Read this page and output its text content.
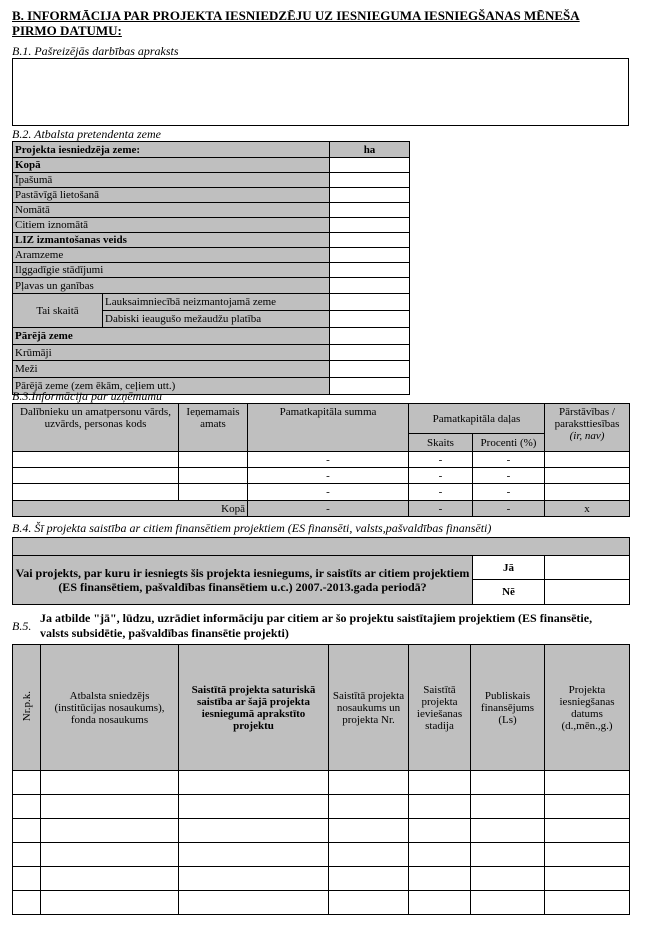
B. INFORMĀCIJA PAR PROJEKTA IESNIEDZĒJU UZ IESNIEGUMA IESNIEGŠANAS MĒNEŠA PIRMO DATUMU:
B.1. Pašreizējās darbības apraksts
B.2. Atbalsta pretendenta zeme
Projekta iesniedzēja zeme:		ha
Kopā		
Īpašumā		
Pastāvīgā lietošanā		
Nomātā		
Citiem iznomātā		
LIZ izmantošanas veids		
Aramzeme		
Ilggadīgie stādījumi		
Pļavas un ganības		
Tai skaitā	Lauksaimniecībā neizmantojamā zeme	
	Dabiski ieaugušo mežaudžu platība	
Pārējā zeme		
Krūmāji		
Meži		
Pārējā zeme (zem ēkām, ceļiem utt.)		
B.3.Informācija par uzņēmumu
Dalībnieku un amatpersonu vārds, uzvārds, personas kods	Ieņemamais amats	Pamatkapitāla summa	Pamatkapitāla daļas		Pārstāvības / paraksttiesības (ir, nav)
			Skaits	Procenti (%)	
		-	-	-	
		-	-	-	
		-	-	-	
Kopā		-	-	-	x
B.4. Šī projekta saistība ar citiem finansētiem projektiem (ES finansēti, valsts,pašvaldības finansēti)

Vai projekts, par kuru ir iesniegts šis projekta iesniegums, ir saistīts ar citiem projektiem (ES finansētiem, pašvaldības finansētiem u.c.) 2007.-2013.gada periodā?	Jā	
	Nē	
B.5.
Ja atbilde "jā", lūdzu, uzrādiet informāciju par citiem ar šo projektu saistītajiem projektiem (ES finansētie, valsts subsidētie, pašvaldības finansētie projekti)
Nr.p.k.	Atbalsta sniedzējs (institūcijas nosaukums), fonda nosaukums	Saistītā projekta saturiskā saistība ar šajā projekta iesniegumā aprakstīto projektu	Saistītā projekta nosaukums un projekta Nr.	Saistītā projekta ieviešanas stadija	Publiskais finansējums (Ls)	Projekta iesniegšanas datums (d.,mēn.,g.)
